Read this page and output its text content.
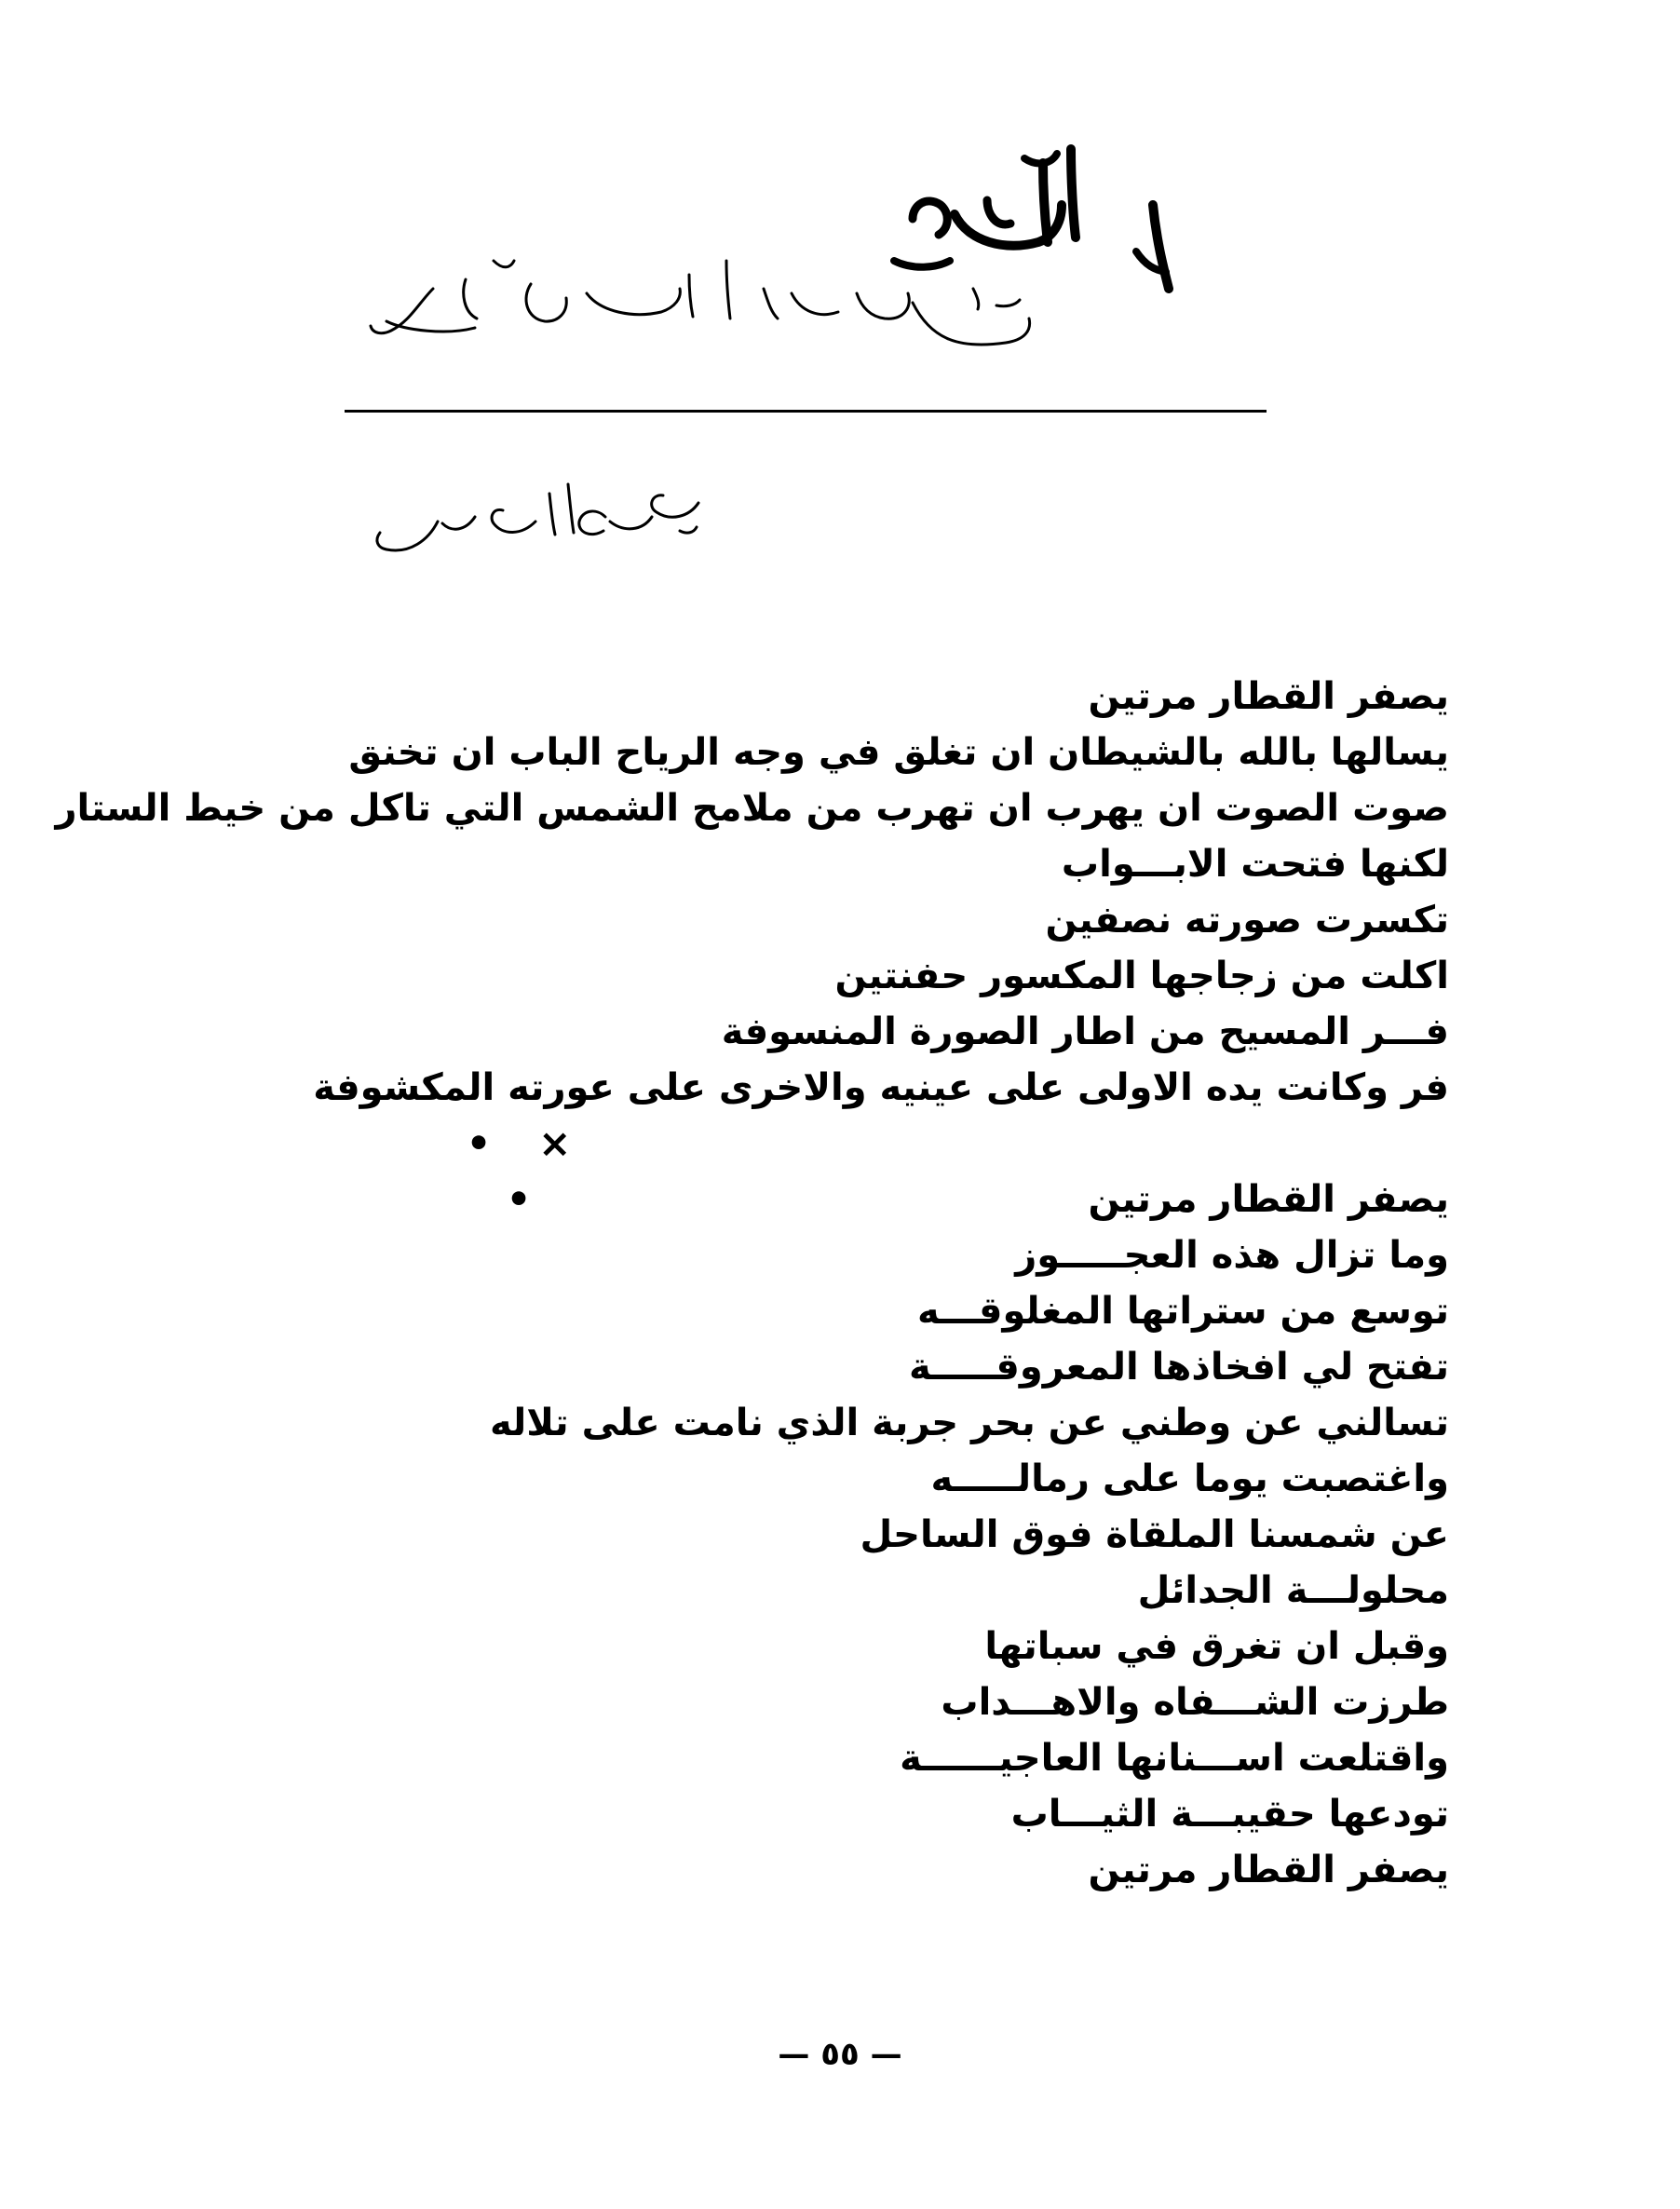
يصفر القطار مرتين
يسالها بالله بالشيطان ان تغلق في وجه الرياح الباب ان تخنق
صوت الصوت ان يهرب ان تهرب من ملامح الشمس التي تاكل من خيط الستار
لكنها فتحت الابـــواب
تكسرت صورته نصفين
اكلت من زجاجها المكسور حفنتين
فـــر المسيح من اطار الصورة المنسوفة
فر وكانت يده الاولى على عينيه والاخرى على عورته المكشوفة
• × •	يصفر القطار مرتين
وما تزال هذه العجـــــوز
توسع من ستراتها المغلوقـــه
تفتح لي افخاذها المعروقـــــة
تسالني عن وطني عن بحر جربة الذي نامت على تلاله
واغتصبت يوما على رمالـــــه
عن شمسنا الملقاة فوق الساحل
محلولـــة الجدائل
وقبل ان تغرق في سباتها
طرزت الشـــفاه والاهـــداب
واقتلعت اســـنانها العاجيــــــة
تودعها حقيبـــة الثيـــاب
يصفر القطار مرتين
— ٥٥ —
